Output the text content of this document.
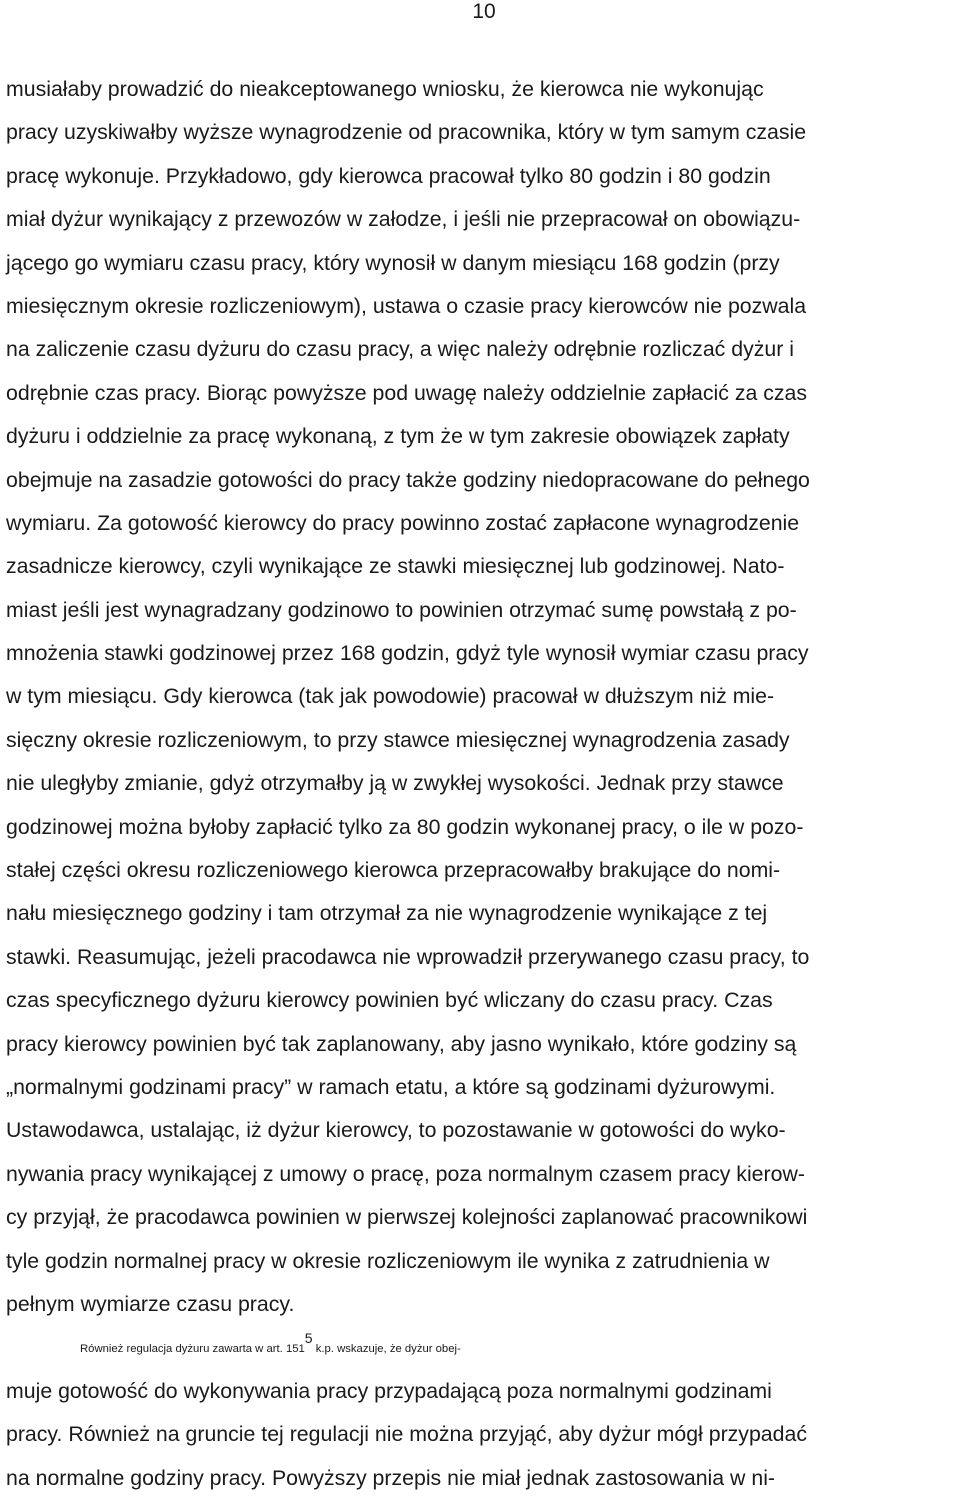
10
musiałaby prowadzić do nieakceptowanego wniosku, że kierowca nie wykonując
pracy uzyskiwałby wyższe wynagrodzenie od pracownika, który w tym samym czasie
pracę wykonuje. Przykładowo, gdy kierowca pracował tylko 80 godzin i 80 godzin
miał dyżur wynikający z przewozów w załodze, i jeśli nie przepracował on obowiązu-
jącego go wymiaru czasu pracy, który wynosił w danym miesiącu 168 godzin (przy
miesięcznym okresie rozliczeniowym), ustawa o czasie pracy kierowców nie pozwala
na zaliczenie czasu dyżuru do czasu pracy, a więc należy odrębnie rozliczać dyżur i
odrębnie czas pracy. Biorąc powyższe pod uwagę należy oddzielnie zapłacić za czas
dyżuru i oddzielnie za pracę wykonaną, z tym że w tym zakresie obowiązek zapłaty
obejmuje na zasadzie gotowości do pracy także godziny niedopracowane do pełnego
wymiaru. Za gotowość kierowcy do pracy powinno zostać zapłacone wynagrodzenie
zasadnicze kierowcy, czyli wynikające ze stawki miesięcznej lub godzinowej. Nato-
miast jeśli jest wynagradzany godzinowo to powinien otrzymać sumę powstałą z po-
mnożenia stawki godzinowej przez 168 godzin, gdyż tyle wynosił wymiar czasu pracy
w tym miesiącu. Gdy kierowca (tak jak powodowie) pracował w dłuższym niż mie-
sięczny okresie rozliczeniowym, to przy stawce miesięcznej wynagrodzenia zasady
nie uległyby zmianie, gdyż otrzymałby ją w zwykłej wysokości. Jednak przy stawce
godzinowej można byłoby zapłacić tylko za 80 godzin wykonanej pracy, o ile w pozo-
stałej części okresu rozliczeniowego kierowca przepracowałby brakujące do nomi-
nału miesięcznego godziny i tam otrzymał za nie wynagrodzenie wynikające z tej
stawki. Reasumując, jeżeli pracodawca nie wprowadził przerywanego czasu pracy, to
czas specyficznego dyżuru kierowcy powinien być wliczany do czasu pracy. Czas
pracy kierowcy powinien być tak zaplanowany, aby jasno wynikało, które godziny są
„normalnymi godzinami pracy” w ramach etatu, a które są godzinami dyżurowymi.
Ustawodawca, ustalając, iż dyżur kierowcy, to pozostawanie w gotowości do wyko-
nywania pracy wynikającej z umowy o pracę, poza normalnym czasem pracy kierow-
cy przyjął, że pracodawca powinien w pierwszej kolejności zaplanować pracownikowi
tyle godzin normalnej pracy w okresie rozliczeniowym ile wynika z zatrudnienia w
pełnym wymiarze czasu pracy.
Również regulacja dyżuru zawarta w art. $151^5$ k.p. wskazuje, że dyżur obej-
muje gotowość do wykonywania pracy przypadającą poza normalnymi godzinami
pracy. Również na gruncie tej regulacji nie można przyjąć, aby dyżur mógł przypadać
na normalne godziny pracy. Powyższy przepis nie miał jednak zastosowania w ni-
